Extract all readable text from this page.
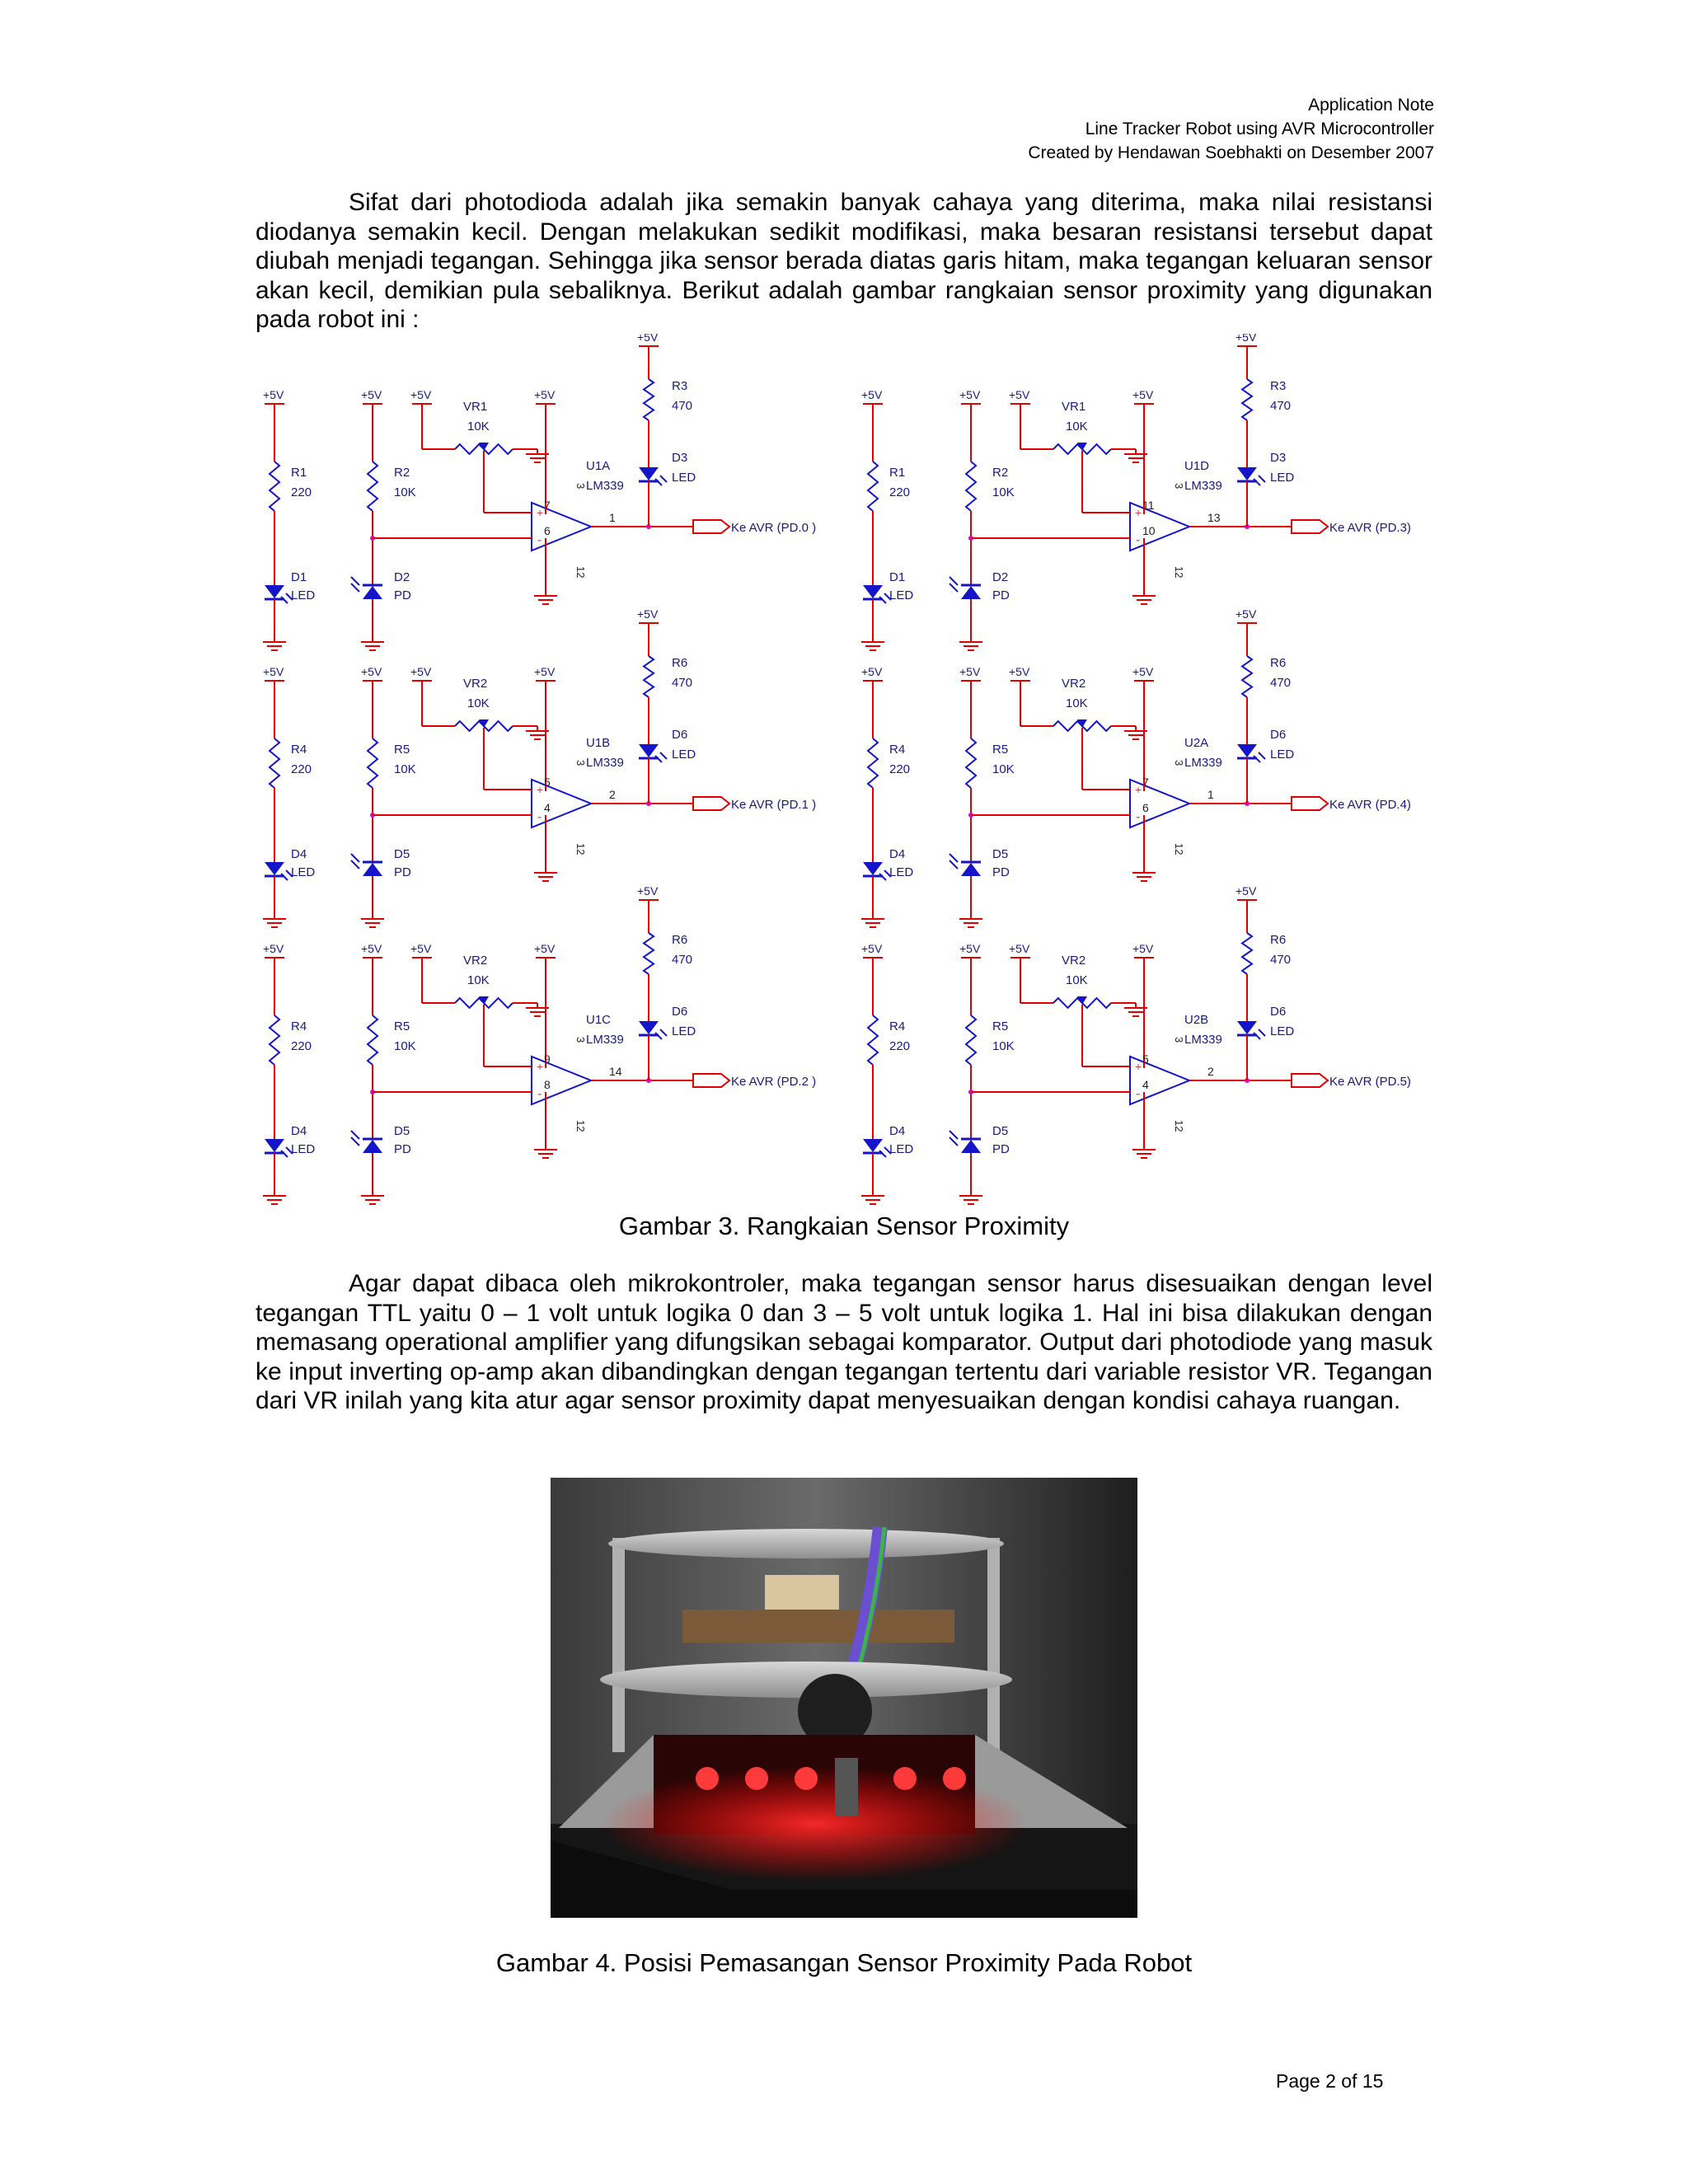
Application Note
Line Tracker Robot using AVR Microcontroller
Created by Hendawan Soebhakti on Desember 2007
Sifat dari photodioda adalah jika semakin banyak cahaya yang diterima, maka nilai resistansi diodanya semakin kecil. Dengan melakukan sedikit modifikasi, maka besaran resistansi tersebut dapat diubah menjadi tegangan. Sehingga jika sensor berada diatas garis hitam, maka tegangan keluaran sensor akan kecil, demikian pula sebaliknya. Berikut adalah gambar rangkaian sensor proximity yang digunakan pada robot ini :
+5V
R1
220
D1
LED
+5V
R2
10K
D2
PD
+5V
VR1
10K
+
-
+5V
7
6
3
12
U1A
LM339
1
Ke AVR (PD.0 )
+5V
R3
470
D3
LED
+5V
R1
220
D1
LED
+5V
R2
10K
D2
PD
+5V
VR1
10K
+
-
+5V
11
10
3
12
U1D
LM339
13
Ke AVR (PD.3)
+5V
R3
470
D3
LED
+5V
R4
220
D4
LED
+5V
R5
10K
D5
PD
+5V
VR2
10K
+
-
+5V
5
4
3
12
U1B
LM339
2
Ke AVR (PD.1 )
+5V
R6
470
D6
LED
+5V
R4
220
D4
LED
+5V
R5
10K
D5
PD
+5V
VR2
10K
+
-
+5V
7
6
3
12
U2A
LM339
1
Ke AVR (PD.4)
+5V
R6
470
D6
LED
+5V
R4
220
D4
LED
+5V
R5
10K
D5
PD
+5V
VR2
10K
+
-
+5V
9
8
3
12
U1C
LM339
14
Ke AVR (PD.2 )
+5V
R6
470
D6
LED
+5V
R4
220
D4
LED
+5V
R5
10K
D5
PD
+5V
VR2
10K
+
-
+5V
5
4
3
12
U2B
LM339
2
Ke AVR (PD.5)
+5V
R6
470
D6
LED
Gambar 3. Rangkaian Sensor Proximity
Agar dapat dibaca oleh mikrokontroler, maka tegangan sensor harus disesuaikan dengan level tegangan TTL yaitu 0 – 1 volt untuk logika 0 dan 3 – 5 volt untuk logika 1. Hal ini bisa dilakukan dengan memasang operational amplifier yang difungsikan sebagai komparator. Output dari photodiode yang masuk ke input inverting op-amp akan dibandingkan dengan tegangan tertentu dari variable resistor VR. Tegangan dari VR inilah yang kita atur agar sensor proximity dapat menyesuaikan dengan kondisi cahaya ruangan.
Gambar 4. Posisi Pemasangan Sensor Proximity Pada Robot
Page 2 of 15
